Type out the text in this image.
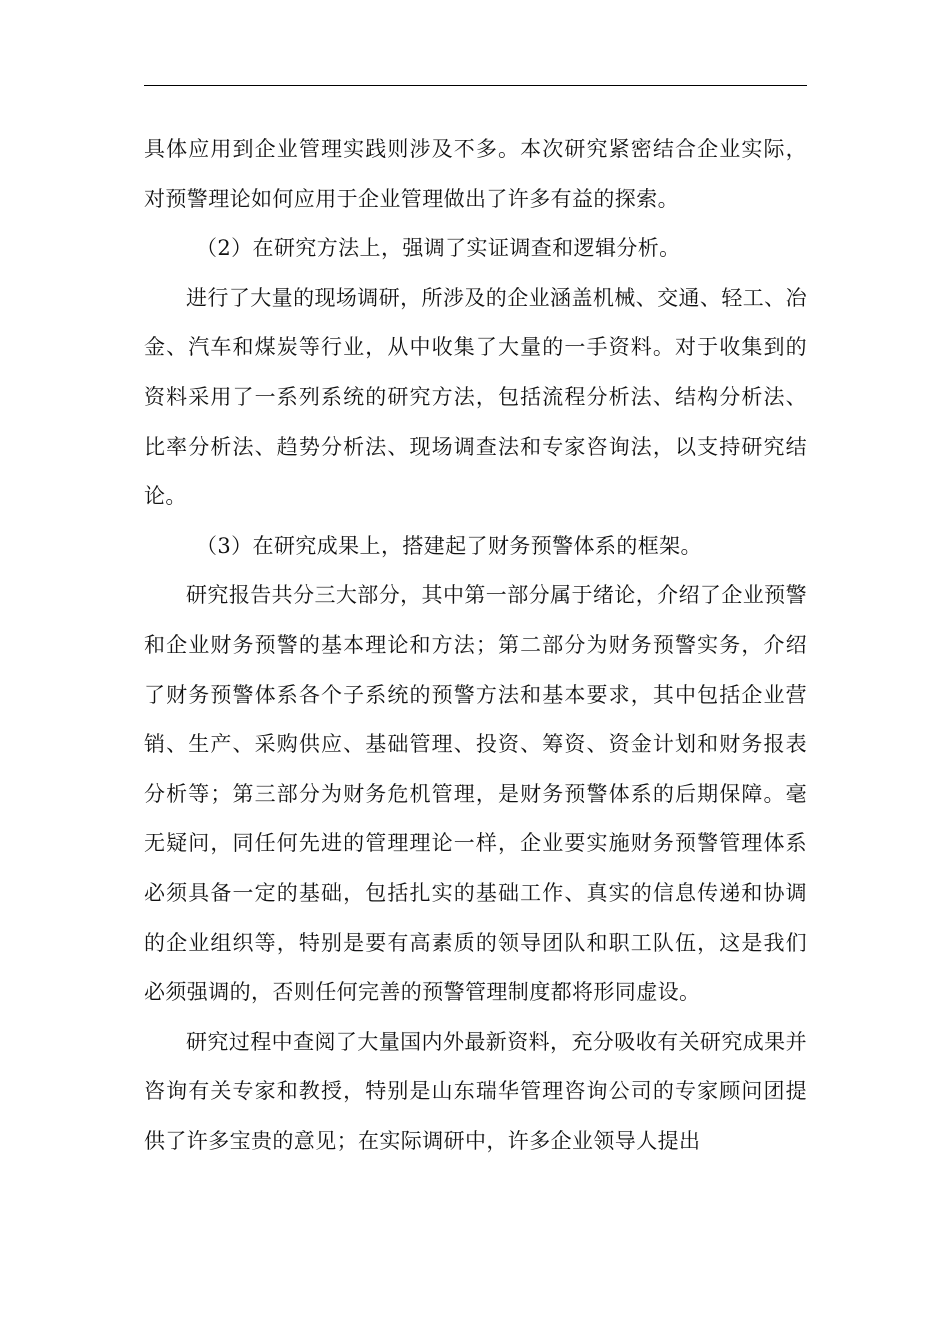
具体应用到企业管理实践则涉及不多。本次研究紧密结合企业实际，对预警理论如何应用于企业管理做出了许多有益的探索。

（2）在研究方法上，强调了实证调查和逻辑分析。

进行了大量的现场调研，所涉及的企业涵盖机械、交通、轻工、冶金、汽车和煤炭等行业，从中收集了大量的一手资料。对于收集到的资料采用了一系列系统的研究方法，包括流程分析法、结构分析法、比率分析法、趋势分析法、现场调查法和专家咨询法，以支持研究结论。

（3）在研究成果上，搭建起了财务预警体系的框架。

研究报告共分三大部分，其中第一部分属于绪论，介绍了企业预警和企业财务预警的基本理论和方法；第二部分为财务预警实务，介绍了财务预警体系各个子系统的预警方法和基本要求，其中包括企业营销、生产、采购供应、基础管理、投资、筹资、资金计划和财务报表分析等；第三部分为财务危机管理，是财务预警体系的后期保障。毫无疑问，同任何先进的管理理论一样，企业要实施财务预警管理体系必须具备一定的基础，包括扎实的基础工作、真实的信息传递和协调的企业组织等，特别是要有高素质的领导团队和职工队伍，这是我们必须强调的，否则任何完善的预警管理制度都将形同虚设。

研究过程中查阅了大量国内外最新资料，充分吸收有关研究成果并咨询有关专家和教授，特别是山东瑞华管理咨询公司的专家顾问团提供了许多宝贵的意见；在实际调研中，许多企业领导人提出
